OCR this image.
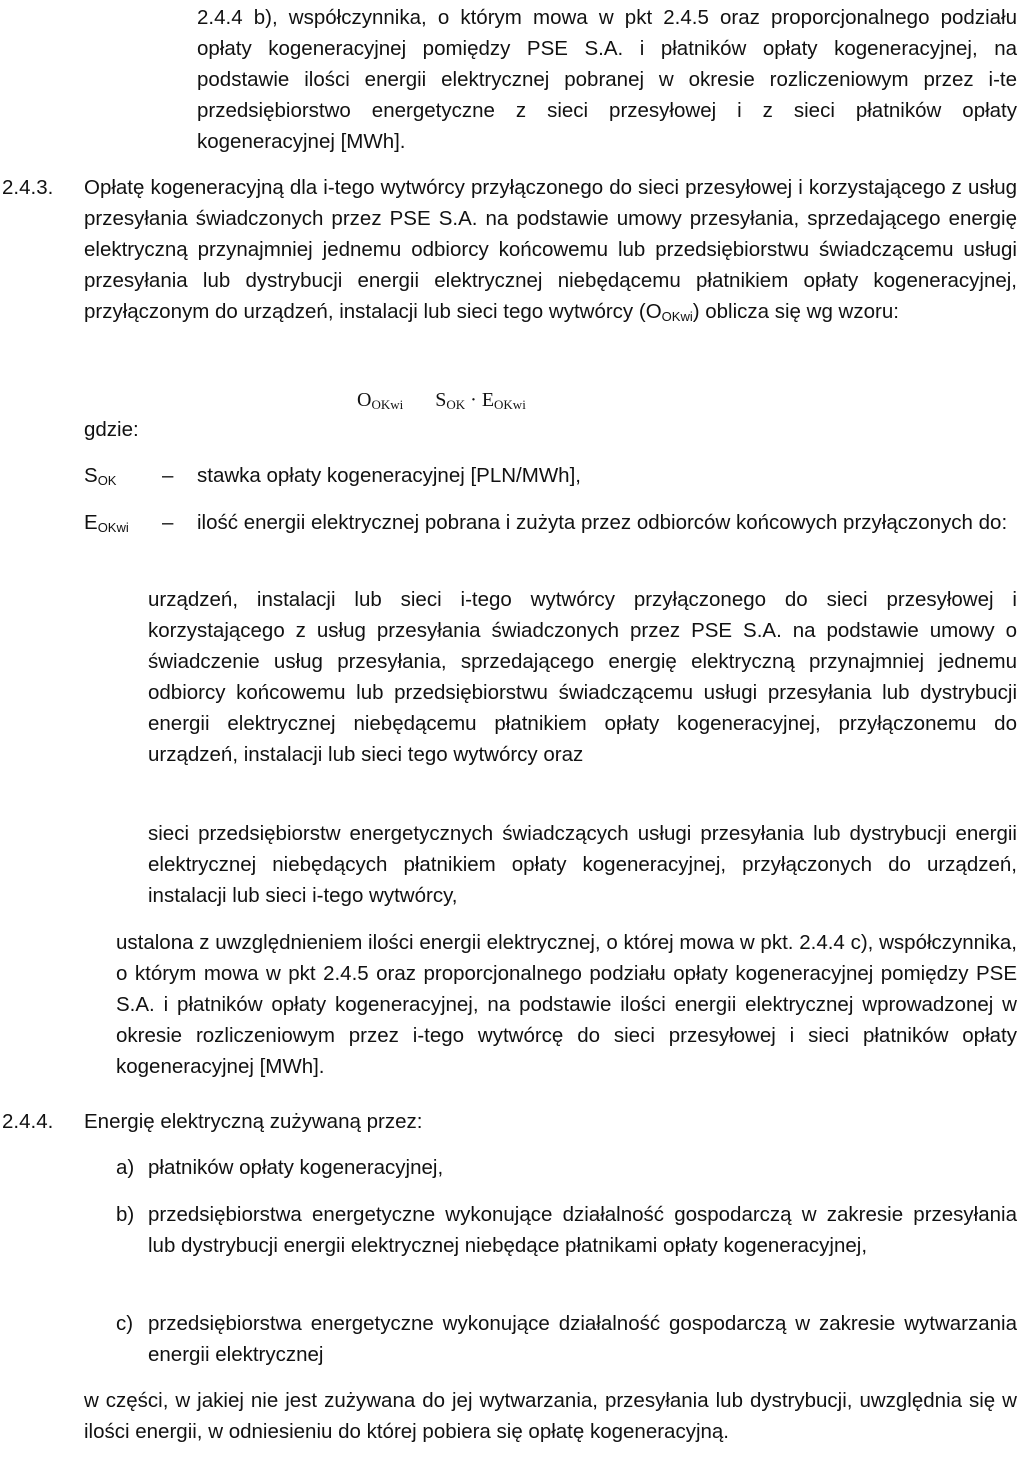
2.4.4 b), współczynnika, o którym mowa w pkt 2.4.5 oraz proporcjonalnego podziału opłaty kogeneracyjnej pomiędzy PSE S.A. i płatników opłaty kogeneracyjnej, na podstawie ilości energii elektrycznej pobranej w okresie rozliczeniowym przez i-te przedsiębiorstwo energetyczne z sieci przesyłowej i z sieci płatników opłaty kogeneracyjnej [MWh].
2.4.3. Opłatę kogeneracyjną dla i-tego wytwórcy przyłączonego do sieci przesyłowej i korzystającego z usług przesyłania świadczonych przez PSE S.A. na podstawie umowy przesyłania, sprzedającego energię elektryczną przynajmniej jednemu odbiorcy końcowemu lub przedsiębiorstwu świadczącemu usługi przesyłania lub dystrybucji energii elektrycznej niebędącemu płatnikiem opłaty kogeneracyjnej, przyłączonym do urządzeń, instalacji lub sieci tego wytwórcy $(O_{OKwi})$ oblicza się wg wzoru:
$O_{OKwi}$ $S_{OK} \cdot E_{OKwi}$
gdzie:
$S_{OK}$ – stawka opłaty kogeneracyjnej [PLN/MWh],
$E_{OKwi}$ – ilość energii elektrycznej pobrana i zużyta przez odbiorców końcowych przyłączonych do:
urządzeń, instalacji lub sieci i-tego wytwórcy przyłączonego do sieci przesyłowej i korzystającego z usług przesyłania świadczonych przez PSE S.A. na podstawie umowy o świadczenie usług przesyłania, sprzedającego energię elektryczną przynajmniej jednemu odbiorcy końcowemu lub przedsiębiorstwu świadczącemu usługi przesyłania lub dystrybucji energii elektrycznej niebędącemu płatnikiem opłaty kogeneracyjnej, przyłączonemu do urządzeń, instalacji lub sieci tego wytwórcy oraz
sieci przedsiębiorstw energetycznych świadczących usługi przesyłania lub dystrybucji energii elektrycznej niebędących płatnikiem opłaty kogeneracyjnej, przyłączonych do urządzeń, instalacji lub sieci i-tego wytwórcy,
ustalona z uwzględnieniem ilości energii elektrycznej, o której mowa w pkt. 2.4.4 c), współczynnika, o którym mowa w pkt 2.4.5 oraz proporcjonalnego podziału opłaty kogeneracyjnej pomiędzy PSE S.A. i płatników opłaty kogeneracyjnej, na podstawie ilości energii elektrycznej wprowadzonej w okresie rozliczeniowym przez i-tego wytwórcę do sieci przesyłowej i sieci płatników opłaty kogeneracyjnej [MWh].
2.4.4. Energię elektryczną zużywaną przez:
a) płatników opłaty kogeneracyjnej,
b) przedsiębiorstwa energetyczne wykonujące działalność gospodarczą w zakresie przesyłania lub dystrybucji energii elektrycznej niebędące płatnikami opłaty kogeneracyjnej,
c) przedsiębiorstwa energetyczne wykonujące działalność gospodarczą w zakresie wytwarzania energii elektrycznej
w części, w jakiej nie jest zużywana do jej wytwarzania, przesyłania lub dystrybucji, uwzględnia się w ilości energii, w odniesieniu do której pobiera się opłatę kogeneracyjną.
